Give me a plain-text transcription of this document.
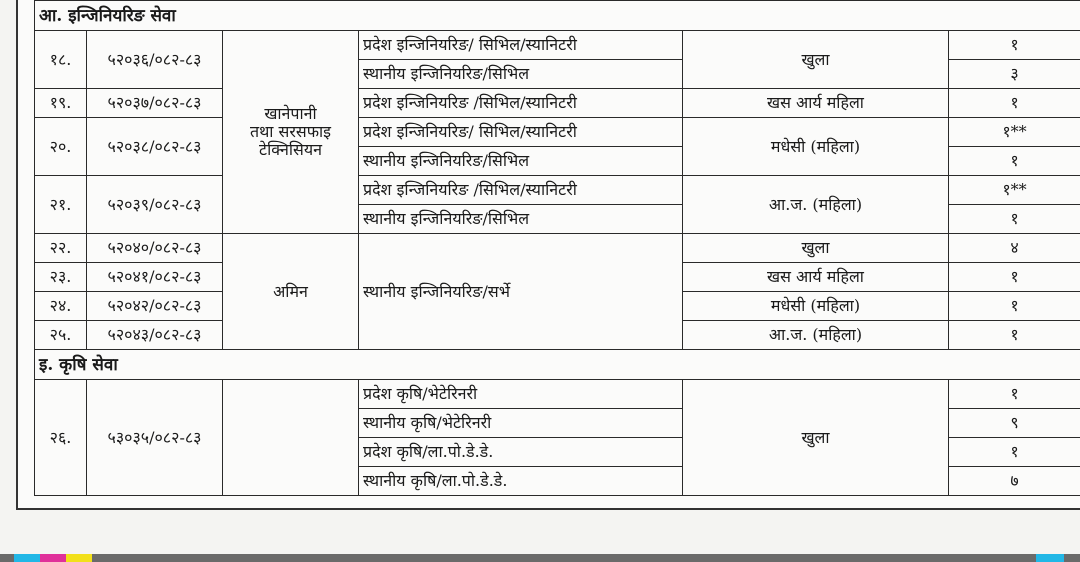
आ. इन्जिनियरिङ सेवा					
१८.	५२०३६/०८२-८३	खानेपानी
तथा सरसफाइ
टेक्निसियन	प्रदेश इन्जिनियरिङ/ सिभिल/स्यानिटरी	खुला	१
			स्थानीय इन्जिनियरिङ/सिभिल		३
१९.	५२०३७/०८२-८३		प्रदेश इन्जिनियरिङ /सिभिल/स्यानिटरी	खस आर्य महिला	१
२०.	५२०३८/०८२-८३		प्रदेश इन्जिनियरिङ/ सिभिल/स्यानिटरी	मधेसी (महिला)	१**
			स्थानीय इन्जिनियरिङ/सिभिल		१
२१.	५२०३९/०८२-८३		प्रदेश इन्जिनियरिङ /सिभिल/स्यानिटरी	आ.ज. (महिला)	१**
			स्थानीय इन्जिनियरिङ/सिभिल		१
२२.	५२०४०/०८२-८३	अमिन	स्थानीय इन्जिनियरिङ/सर्भे	खुला	४
२३.	५२०४१/०८२-८३			खस आर्य महिला	१
२४.	५२०४२/०८२-८३			मधेसी (महिला)	१
२५.	५२०४३/०८२-८३			आ.ज. (महिला)	१
इ. कृषि सेवा					
२६.	५३०३५/०८२-८३		प्रदेश कृषि/भेटेरिनरी	खुला	१
			स्थानीय कृषि/भेटेरिनरी		९
			प्रदेश कृषि/ला.पो.डे.डे.		१
			स्थानीय कृषि/ला.पो.डे.डे.		७
